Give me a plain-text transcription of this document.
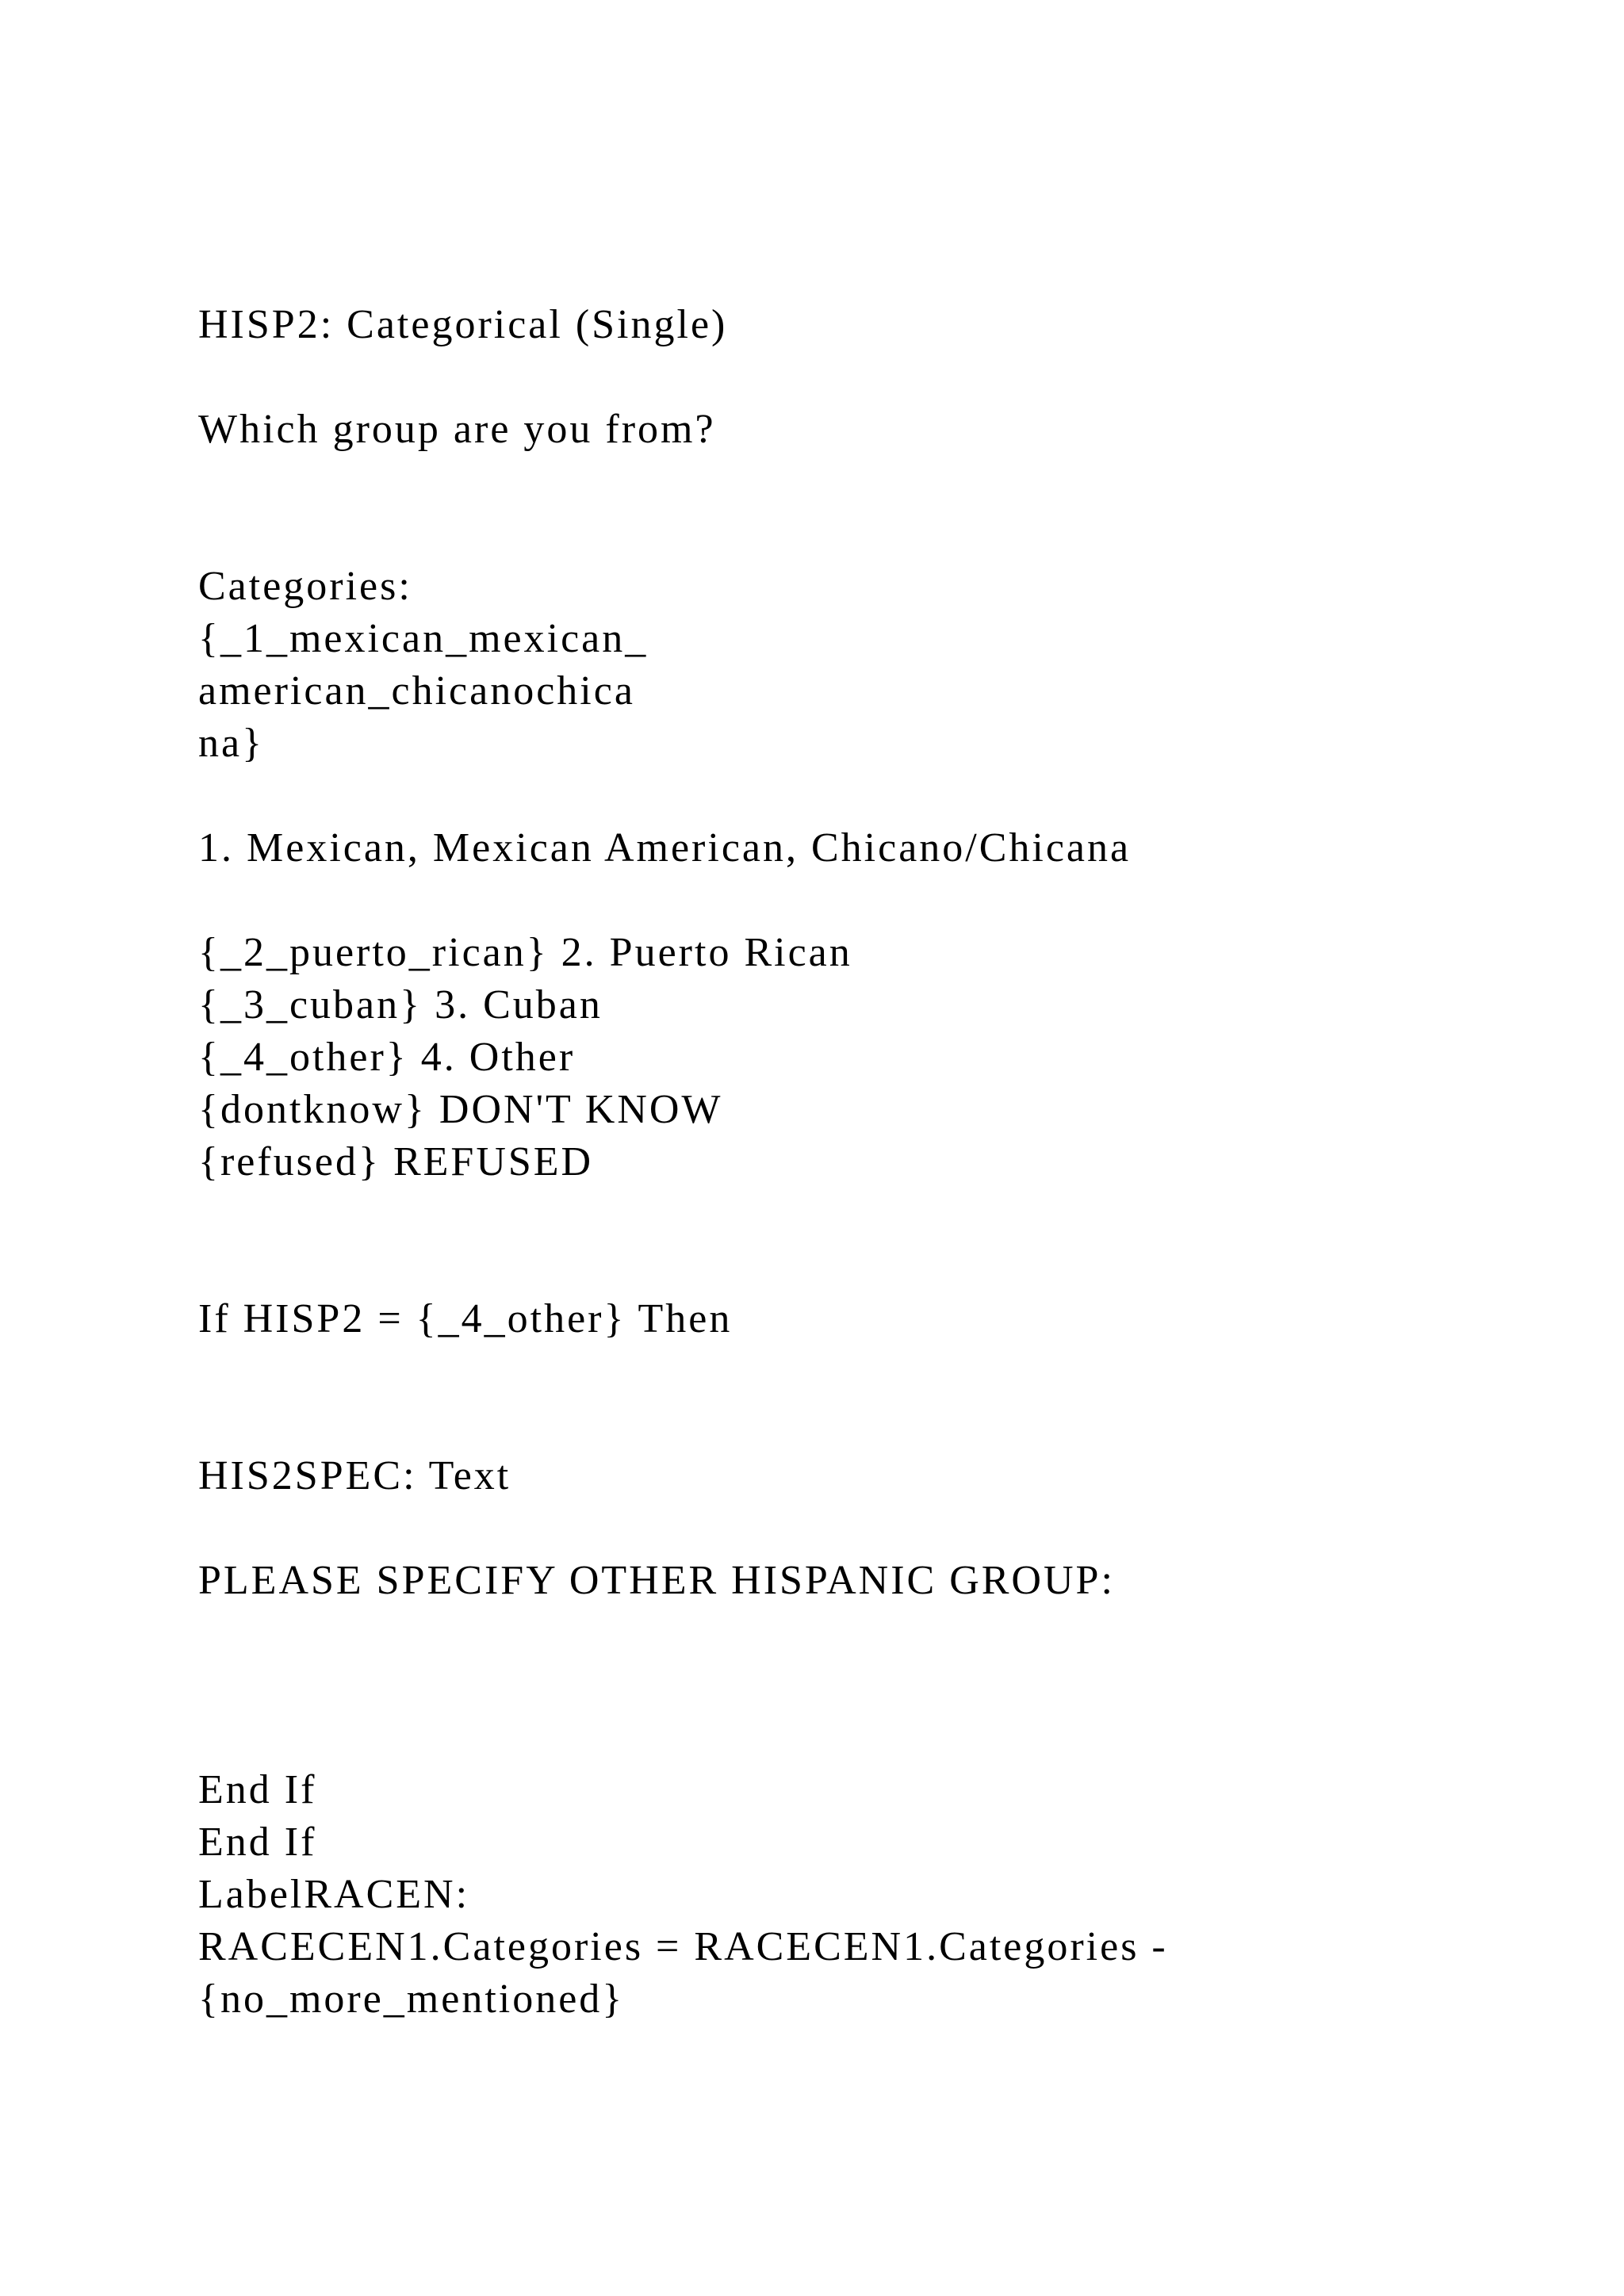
HISP2: Categorical (Single)

Which group are you from?

Categories:

{_1_mexican_mexican_

american_chicanochica

na}

1. Mexican, Mexican American, Chicano/Chicana

{_2_puerto_rican} 2. Puerto Rican

{_3_cuban} 3. Cuban

{_4_other} 4. Other

{dontknow} DON'T KNOW

{refused} REFUSED

If HISP2 = {_4_other} Then

HIS2SPEC: Text

PLEASE SPECIFY OTHER HISPANIC GROUP:

End If

End If

LabelRACEN:

RACECEN1.Categories = RACECEN1.Categories -

{no_more_mentioned}
